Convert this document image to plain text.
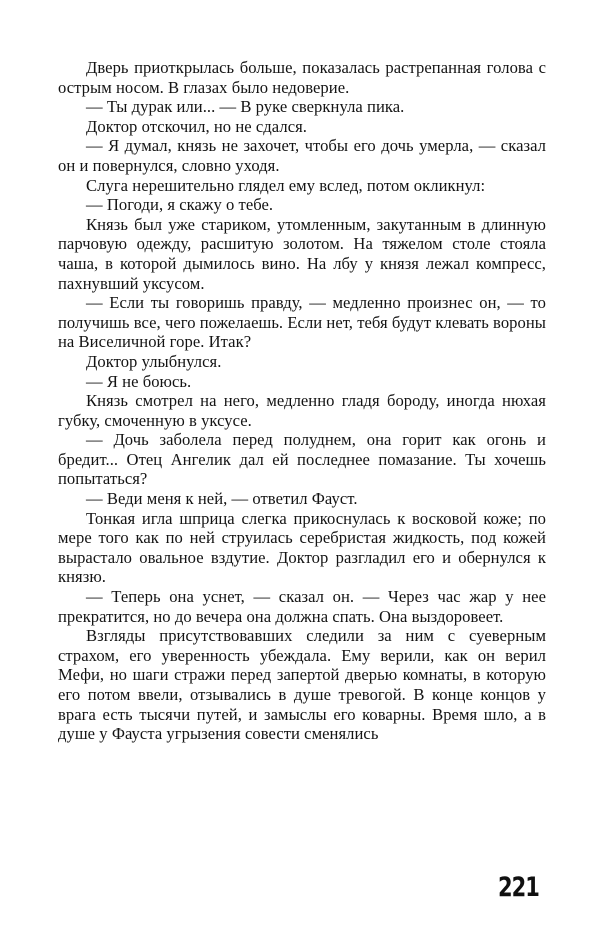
Дверь приоткрылась больше, показалась растрепанная голова с острым носом. В глазах было недоверие.

— Ты дурак или... — В руке сверкнула пика.

Доктор отскочил, но не сдался.

— Я думал, князь не захочет, чтобы его дочь умерла, — сказал он и повернулся, словно уходя.

Слуга нерешительно глядел ему вслед, потом окликнул:

— Погоди, я скажу о тебе.

Князь был уже стариком, утомленным, закутанным в длинную парчовую одежду, расшитую золотом. На тяжелом столе стояла чаша, в которой дымилось вино. На лбу у князя лежал компресс, пахнувший уксусом.

— Если ты говоришь правду, — медленно произнес он, — то получишь все, чего пожелаешь. Если нет, тебя будут клевать вороны на Виселичной горе. Итак?

Доктор улыбнулся.

— Я не боюсь.

Князь смотрел на него, медленно гладя бороду, иногда нюхая губку, смоченную в уксусе.

— Дочь заболела перед полуднем, она горит как огонь и бредит... Отец Ангелик дал ей последнее помазание. Ты хочешь попытаться?

— Веди меня к ней, — ответил Фауст.

Тонкая игла шприца слегка прикоснулась к восковой коже; по мере того как по ней струилась серебристая жидкость, под кожей вырастало овальное вздутие. Доктор разгладил его и обернулся к князю.

— Теперь она уснет, — сказал он. — Через час жар у нее прекратится, но до вечера она должна спать. Она выздоровеет.

Взгляды присутствовавших следили за ним с суеверным страхом, его уверенность убеждала. Ему верили, как он верил Мефи, но шаги стражи перед запертой дверью комнаты, в которую его потом ввели, отзывались в душе тревогой. В конце концов у врага есть тысячи путей, и замыслы его коварны. Время шло, а в душе у Фауста угрызения совести сменялись

221
